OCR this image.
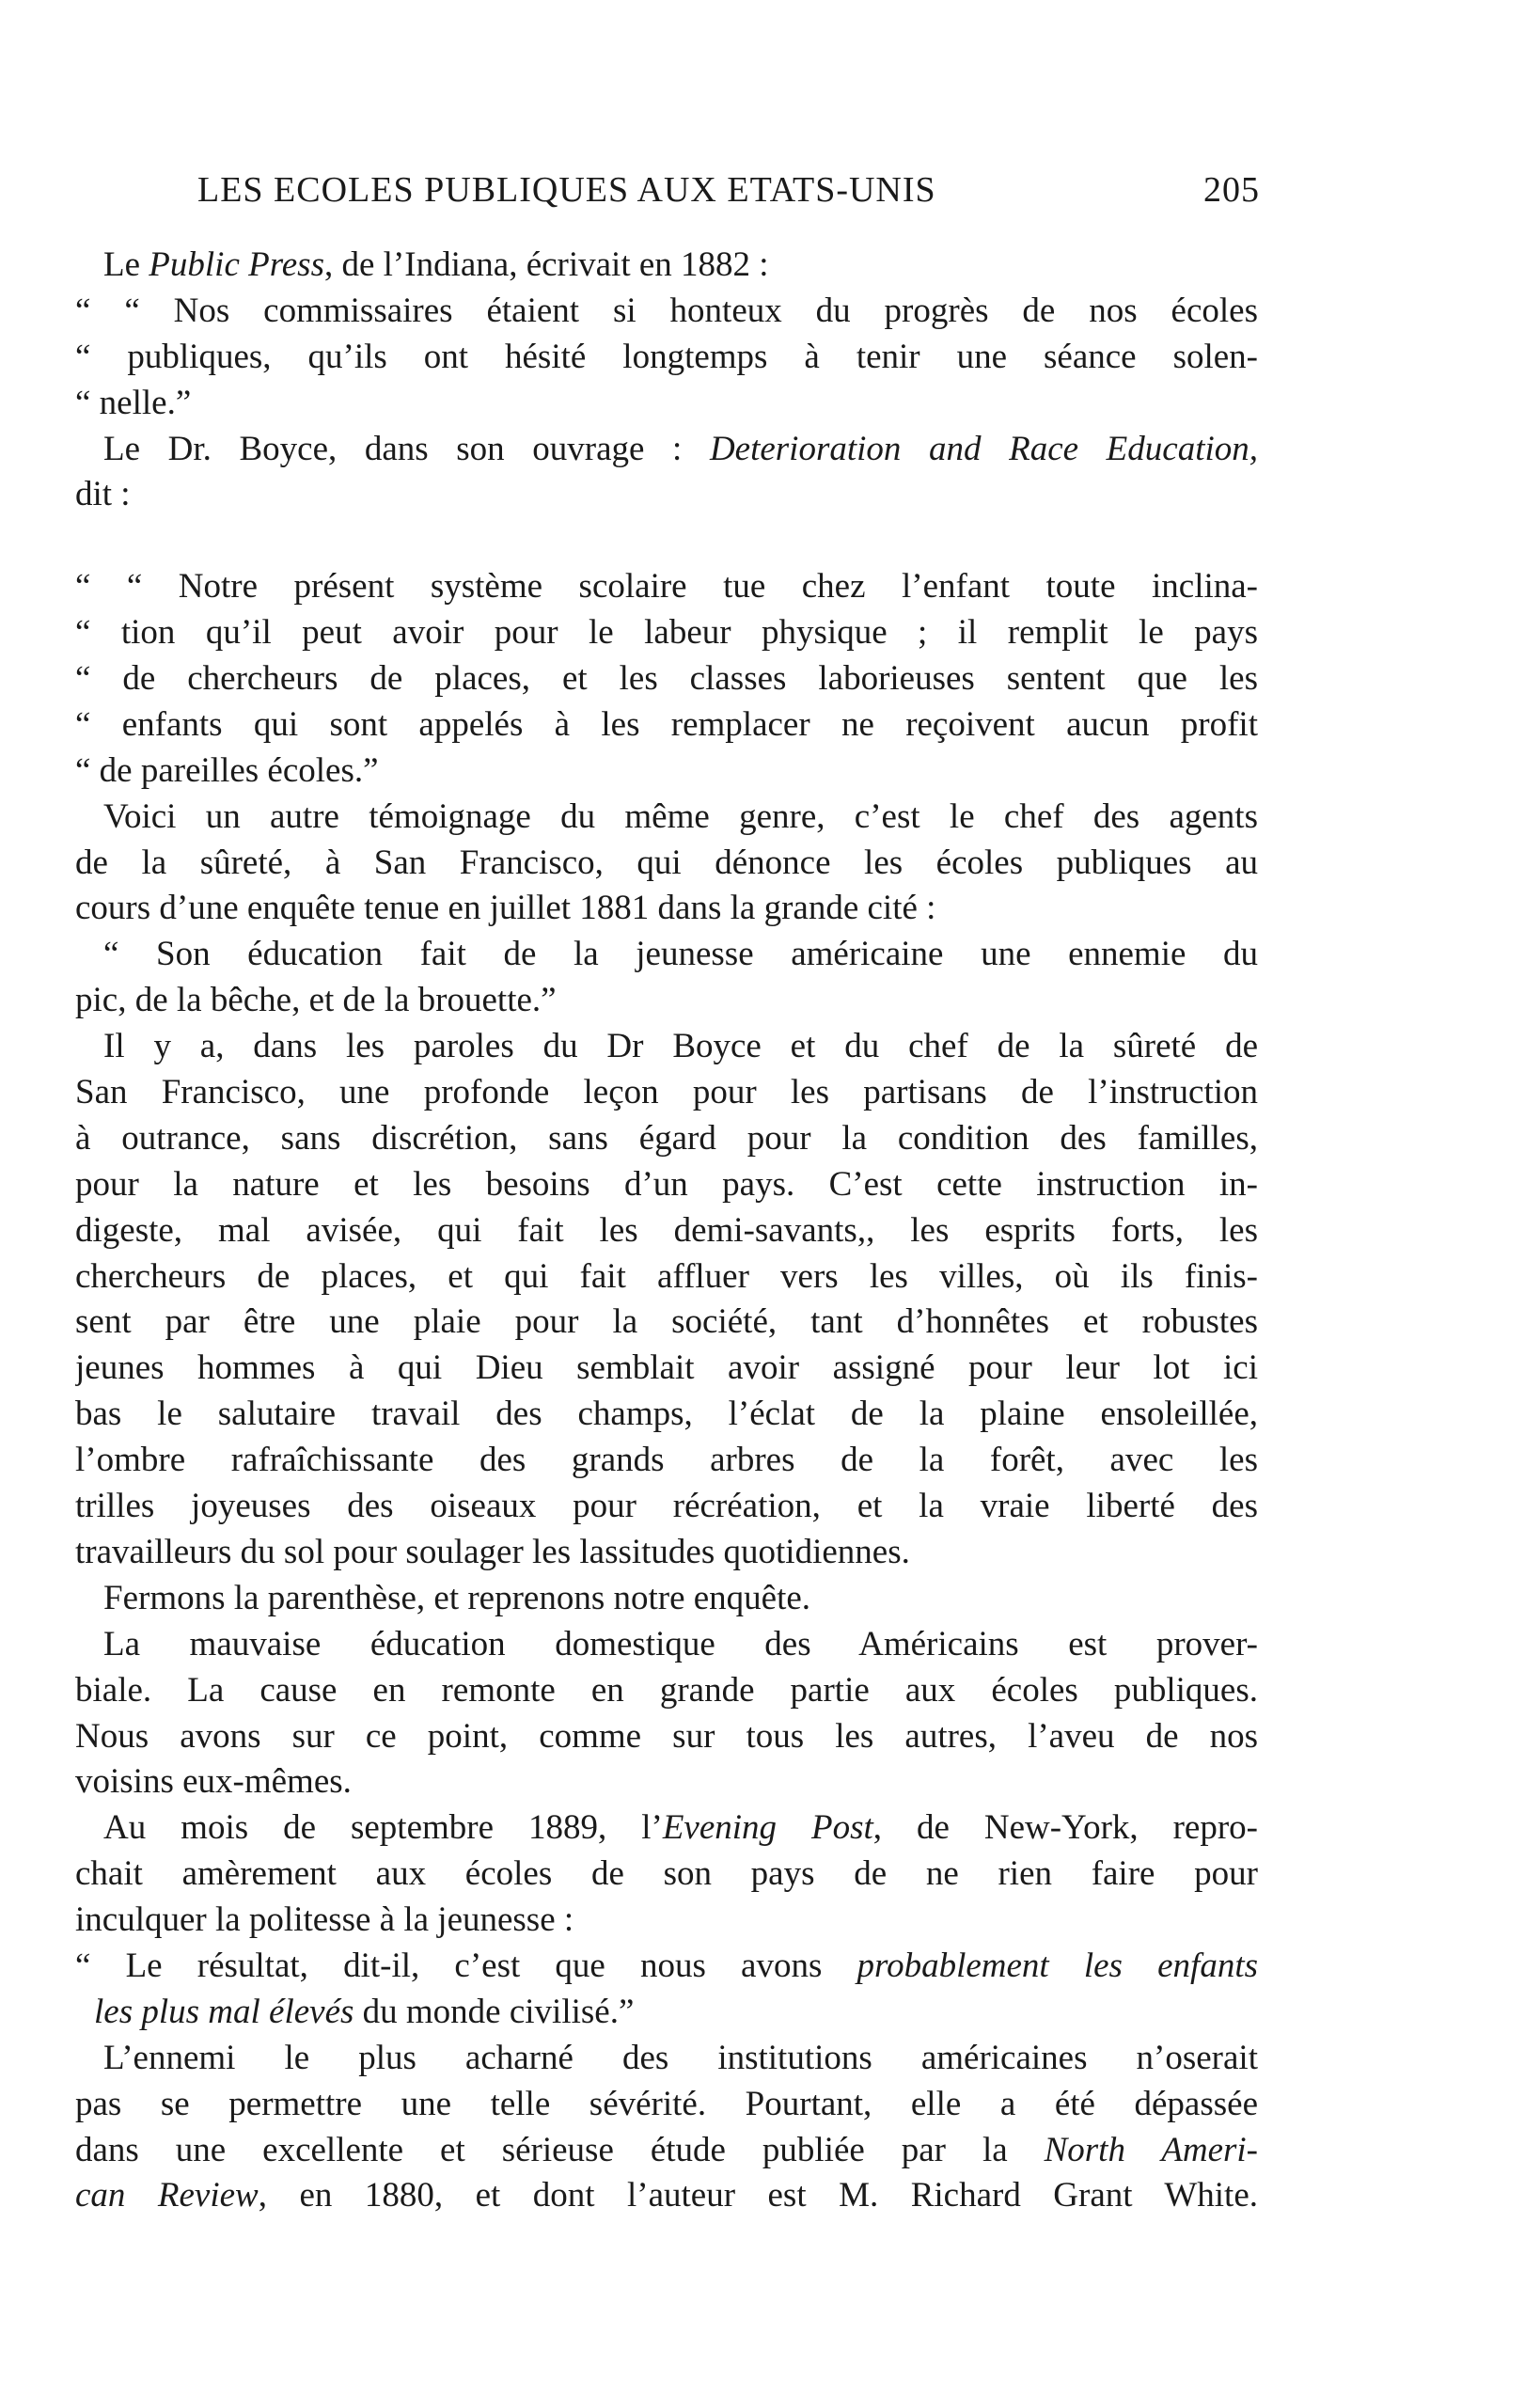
LES ECOLES PUBLIQUES AUX ETATS-UNIS	205
Le Public Press, de l’Indiana, écrivait en 1882 :
“ “ Nos commissaires étaient si honteux du progrès de nos écoles
“ publiques, qu’ils ont hésité longtemps à tenir une séance solen-
“ nelle.”
Le Dr. Boyce, dans son ouvrage : Deterioration and Race Education,
dit :
“ “ Notre présent système scolaire tue chez l’enfant toute inclina-
“ tion qu’il peut avoir pour le labeur physique ; il remplit le pays
“ de chercheurs de places, et les classes laborieuses sentent que les
“ enfants qui sont appelés à les remplacer ne reçoivent aucun profit
“ de pareilles écoles.”
Voici un autre témoignage du même genre, c’est le chef des agents
de la sûreté, à San Francisco, qui dénonce les écoles publiques au
cours d’une enquête tenue en juillet 1881 dans la grande cité :
“ Son éducation fait de la jeunesse américaine une ennemie du
pic, de la bêche, et de la brouette.”
Il y a, dans les paroles du Dr Boyce et du chef de la sûreté de
San Francisco, une profonde leçon pour les partisans de l’instruction
à outrance, sans discrétion, sans égard pour la condition des familles,
pour la nature et les besoins d’un pays. C’est cette instruction in-
digeste, mal avisée, qui fait les demi-savants,, les esprits forts, les
chercheurs de places, et qui fait affluer vers les villes, où ils finis-
sent par être une plaie pour la société, tant d’honnêtes et robustes
jeunes hommes à qui Dieu semblait avoir assigné pour leur lot ici
bas le salutaire travail des champs, l’éclat de la plaine ensoleillée,
l’ombre rafraîchissante des grands arbres de la forêt, avec les
trilles joyeuses des oiseaux pour récréation, et la vraie liberté des
travailleurs du sol pour soulager les lassitudes quotidiennes.
Fermons la parenthèse, et reprenons notre enquête.
La mauvaise éducation domestique des Américains est prover-
biale. La cause en remonte en grande partie aux écoles publiques.
Nous avons sur ce point, comme sur tous les autres, l’aveu de nos
voisins eux-mêmes.
Au mois de septembre 1889, l’Evening Post, de New-York, repro-
chait amèrement aux écoles de son pays de ne rien faire pour
inculquer la politesse à la jeunesse :
“ Le résultat, dit-il, c’est que nous avons probablement les enfants
les plus mal élevés du monde civilisé.”
L’ennemi le plus acharné des institutions américaines n’oserait
pas se permettre une telle sévérité. Pourtant, elle a été dépassée
dans une excellente et sérieuse étude publiée par la North Ameri-
can Review, en 1880, et dont l’auteur est M. Richard Grant White.
